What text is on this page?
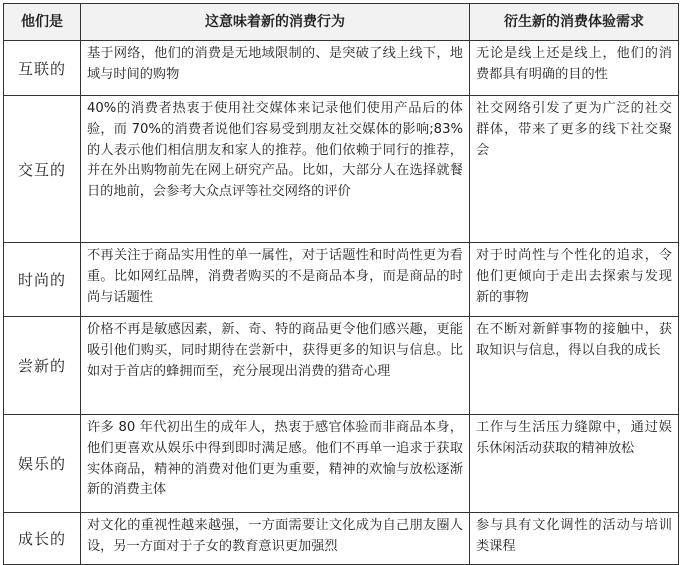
他们是	这意味着新的消费行为	衍生新的消费体验需求
互联的	基于网络，他们的消费是无地域限制的、是突破了线上线下，地域与时间的购物	无论是线上还是线上，他们的消费都具有明确的目的性
交互的	40%的消费者热衷于使用社交媒体来记录他们使用产品后的体验，而 70%的消费者说他们容易受到朋友社交媒体的影响;83%的人表示他们相信朋友和家人的推荐。他们依赖于同行的推荐，并在外出购物前先在网上研究产品。比如，大部分人在选择就餐日的地前，会参考大众点评等社交网络的评价	社交网络引发了更为广泛的社交群体，带来了更多的线下社交聚会
时尚的	不再关注于商品实用性的单一属性，对于话题性和时尚性更为看重。比如网红品牌，消费者购买的不是商品本身，而是商品的时尚与话题性	对于时尚性与个性化的追求，令他们更倾向于走出去探索与发现新的事物
尝新的	价格不再是敏感因素，新、奇、特的商品更令他们感兴趣，更能吸引他们购买，同时期待在尝新中，获得更多的知识与信息。比如对于首店的蜂拥而至，充分展现出消费的猎奇心理	在不断对新鲜事物的接触中，获取知识与信息，得以自我的成长
娱乐的	许多 80 年代初出生的成年人，热衷于感官体验而非商品本身，他们更喜欢从娱乐中得到即时满足感。他们不再单一追求于获取实体商品，精神的消费对他们更为重要，精神的欢愉与放松逐渐新的消费主体	工作与生活压力缝隙中，通过娱乐休闲活动获取的精神放松
成长的	对文化的重视性越来越强，一方面需要让文化成为自己朋友圈人设，另一方面对于子女的教育意识更加强烈	参与具有文化调性的活动与培训类课程
